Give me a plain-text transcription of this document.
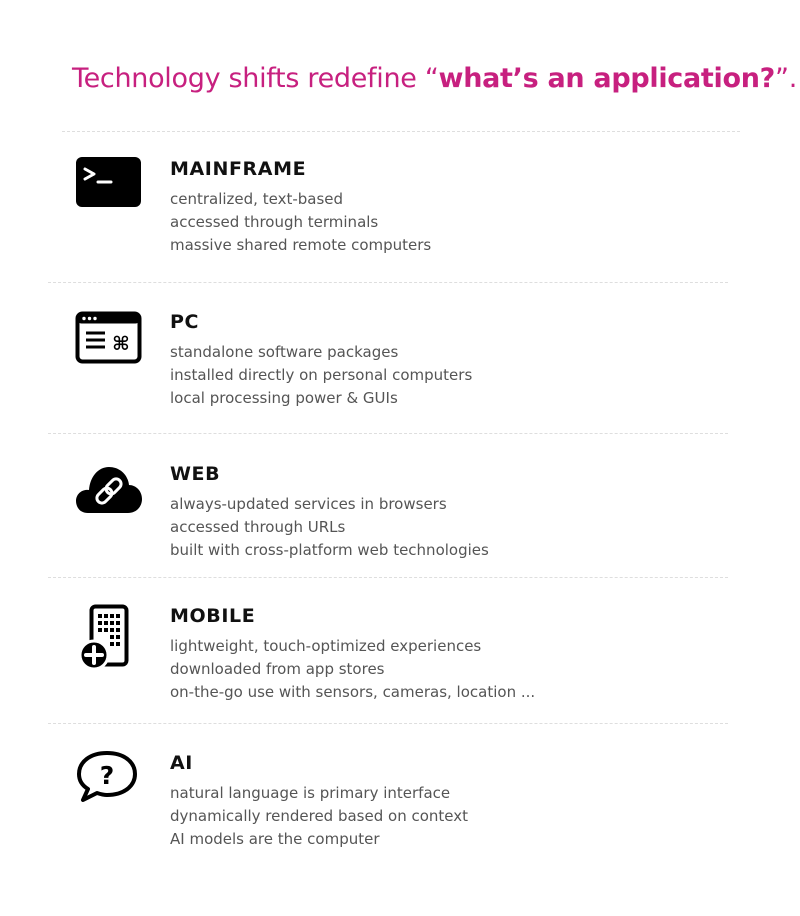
Technology shifts redefine “what’s an application?”.
MAINFRAME
centralized, text-based
accessed through terminals
massive shared remote computers
⌘
PC
standalone software packages
installed directly on personal computers
local processing power & GUIs
WEB
always-updated services in browsers
accessed through URLs
built with cross-platform web technologies
MOBILE
lightweight, touch-optimized experiences
downloaded from app stores
on-the-go use with sensors, cameras, location ...
?	AI
natural language is primary interface
dynamically rendered based on context
AI models are the computer
